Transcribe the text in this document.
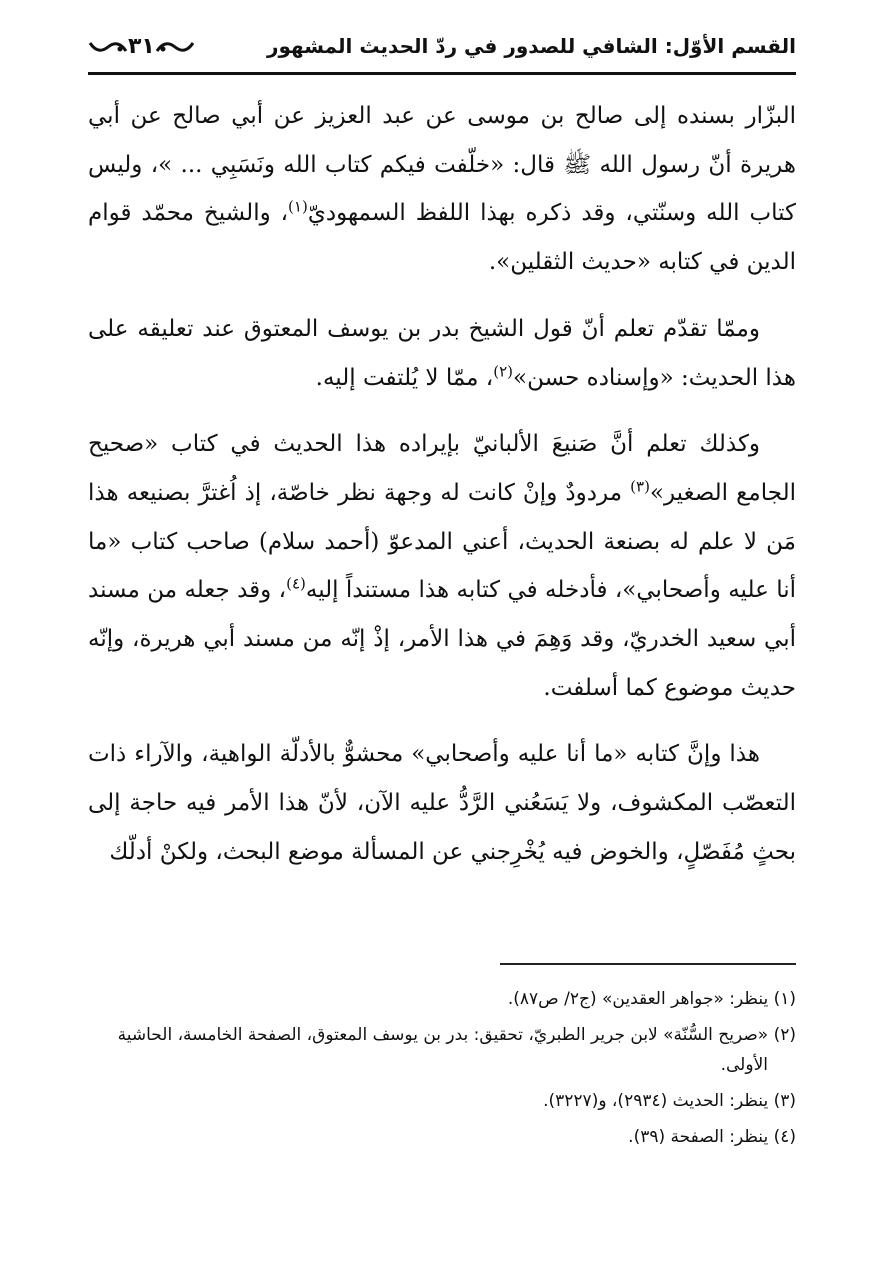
القسم الأوّل: الشافي للصدور في ردّ الحديث المشهور
٣١

البزّار بسنده إلى صالح بن موسى عن عبد العزيز عن أبي صالح عن أبي هريرة أنّ رسول الله ﷺ قال: «خلّفت فيكم كتاب الله ونَسَبِي ... »، وليس كتاب الله وسنّتي، وقد ذكره بهذا اللفظ السمهوديّ$^{(١)}$، والشيخ محمّد قوام الدين في كتابه «حديث الثقلين».

وممّا تقدّم تعلم أنّ قول الشيخ بدر بن يوسف المعتوق عند تعليقه على هذا الحديث: «وإسناده حسن»$^{(٢)}$، ممّا لا يُلتفت إليه.

وكذلك تعلم أنَّ صَنيعَ الألبانيّ بإيراده هذا الحديث في كتاب «صحيح الجامع الصغير»$^{(٣)}$ مردودٌ وإنْ كانت له وجهة نظر خاصّة، إذ اُغترَّ بصنيعه هذا مَن لا علم له بصنعة الحديث، أعني المدعوّ (أحمد سلام) صاحب كتاب «ما أنا عليه وأصحابي»، فأدخله في كتابه هذا مستنداً إليه$^{(٤)}$، وقد جعله من مسند أبي سعيد الخدريّ، وقد وَهِمَ في هذا الأمر، إذْ إنّه من مسند أبي هريرة، وإنّه حديث موضوع كما أسلفت.

هذا وإنَّ كتابه «ما أنا عليه وأصحابي» محشوٌّ بالأدلّة الواهية، والآراء ذات التعصّب المكشوف، ولا يَسَعُني الرَّدُّ عليه الآن، لأنّ هذا الأمر فيه حاجة إلى بحثٍ مُفَصّلٍ، والخوض فيه يُخْرِجني عن المسألة موضع البحث، ولكنْ أدلّك

(١) ينظر: «جواهر العقدين» (ج٢/ ص٨٧).

(٢) «صريح السُّنّة» لابن جرير الطبريّ، تحقيق: بدر بن يوسف المعتوق، الصفحة الخامسة، الحاشية الأولى.

(٣) ينظر: الحديث (٢٩٣٤)، و(٣٢٢٧).

(٤) ينظر: الصفحة (٣٩).
